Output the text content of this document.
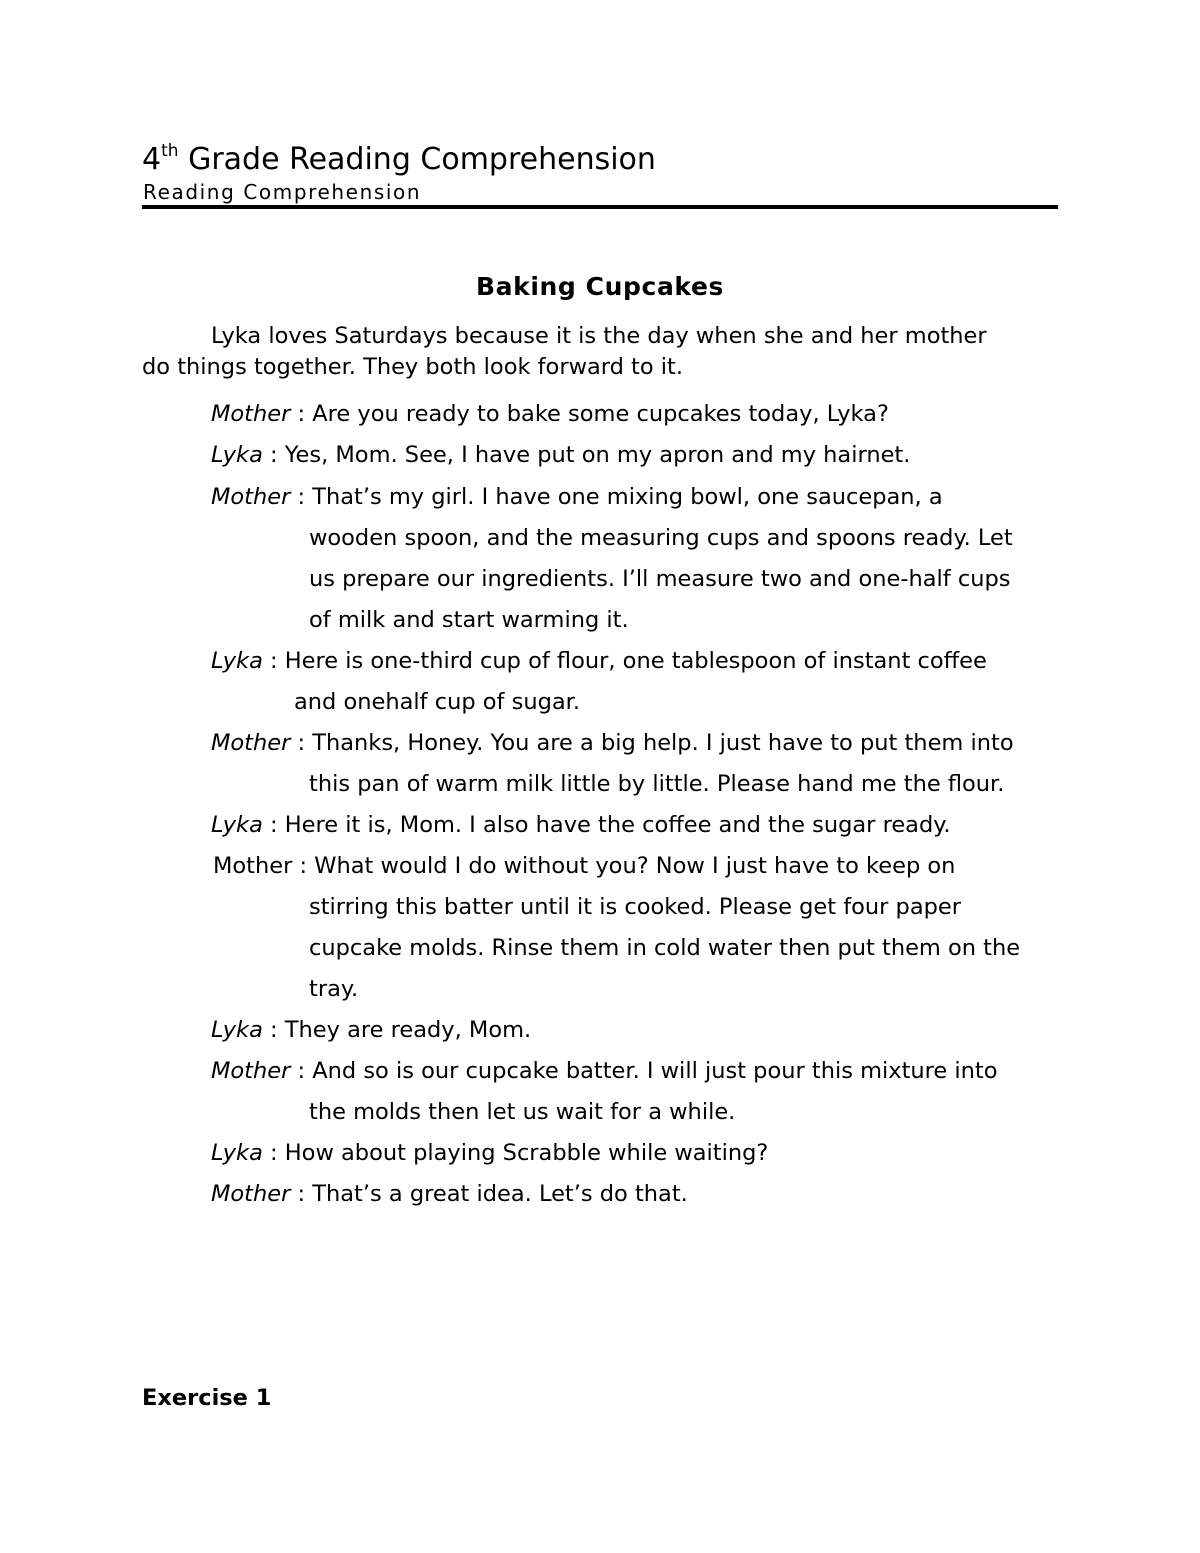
4th Grade Reading Comprehension
Reading Comprehension
Baking Cupcakes
Lyka loves Saturdays because it is the day when she and her mother
do things together. They both look forward to it.
Mother : Are you ready to bake some cupcakes today, Lyka?
Lyka : Yes, Mom. See, I have put on my apron and my hairnet.
Mother : That’s my girl. I have one mixing bowl, one saucepan, a
wooden spoon, and the measuring cups and spoons ready. Let
us prepare our ingredients. I’ll measure two and one-half cups
of milk and start warming it.
Lyka : Here is one-third cup of flour, one tablespoon of instant coffee
and onehalf cup of sugar.
Mother : Thanks, Honey. You are a big help. I just have to put them into
this pan of warm milk little by little. Please hand me the flour.
Lyka : Here it is, Mom. I also have the coffee and the sugar ready.
Mother : What would I do without you? Now I just have to keep on
stirring this batter until it is cooked. Please get four paper
cupcake molds. Rinse them in cold water then put them on the
tray.
Lyka : They are ready, Mom.
Mother : And so is our cupcake batter. I will just pour this mixture into
the molds then let us wait for a while.
Lyka : How about playing Scrabble while waiting?
Mother : That’s a great idea. Let’s do that.
Exercise 1
